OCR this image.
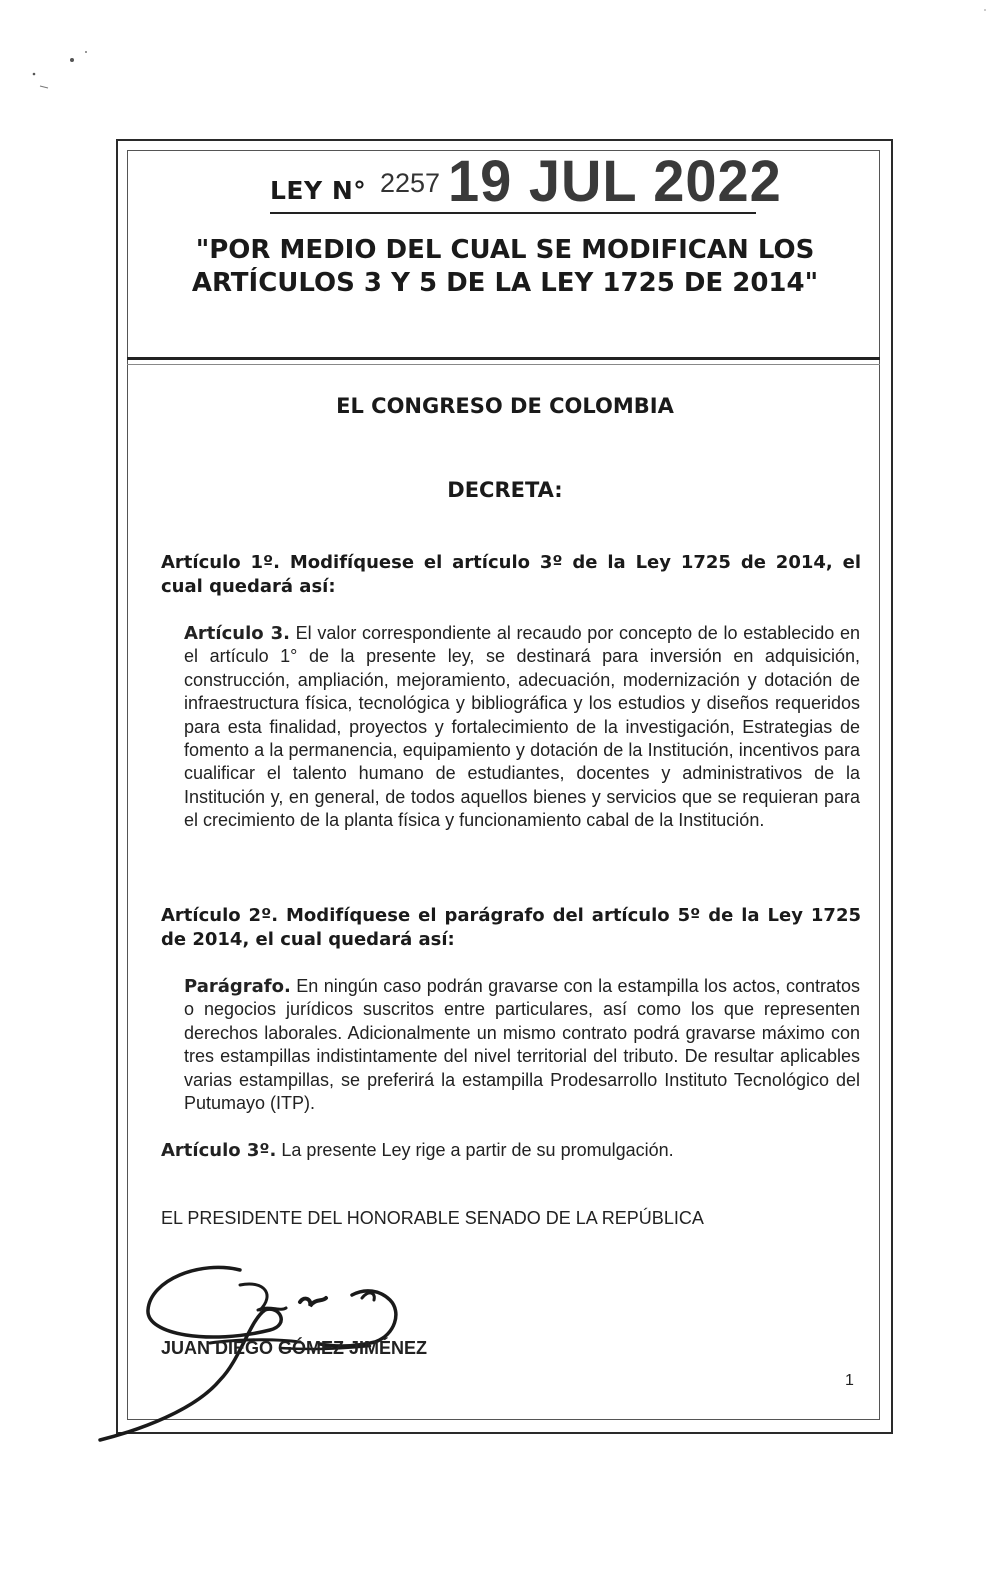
LEY N° 2257 19 JUL 2022
"POR MEDIO DEL CUAL SE MODIFICAN LOS ARTÍCULOS 3 Y 5 DE LA LEY 1725 DE 2014"
EL CONGRESO DE COLOMBIA
DECRETA:
Artículo 1º. Modifíquese el artículo 3º de la Ley 1725 de 2014, el cual quedará así:
Artículo 3. El valor correspondiente al recaudo por concepto de lo establecido en el artículo 1° de la presente ley, se destinará para inversión en adquisición, construcción, ampliación, mejoramiento, adecuación, modernización y dotación de infraestructura física, tecnológica y bibliográfica y los estudios y diseños requeridos para esta finalidad, proyectos y fortalecimiento de la investigación, Estrategias de fomento a la permanencia, equipamiento y dotación de la Institución, incentivos para cualificar el talento humano de estudiantes, docentes y administrativos de la Institución y, en general, de todos aquellos bienes y servicios que se requieran para el crecimiento de la planta física y funcionamiento cabal de la Institución.
Artículo 2º. Modifíquese el parágrafo del artículo 5º de la Ley 1725 de 2014, el cual quedará así:
Parágrafo. En ningún caso podrán gravarse con la estampilla los actos, contratos o negocios jurídicos suscritos entre particulares, así como los que representen derechos laborales. Adicionalmente un mismo contrato podrá gravarse máximo con tres estampillas indistintamente del nivel territorial del tributo. De resultar aplicables varias estampillas, se preferirá la estampilla Prodesarrollo Instituto Tecnológico del Putumayo (ITP).
Artículo 3º. La presente Ley rige a partir de su promulgación.
EL PRESIDENTE DEL HONORABLE SENADO DE LA REPÚBLICA
JUAN DIEGO GÓMEZ JIMÉNEZ
1
